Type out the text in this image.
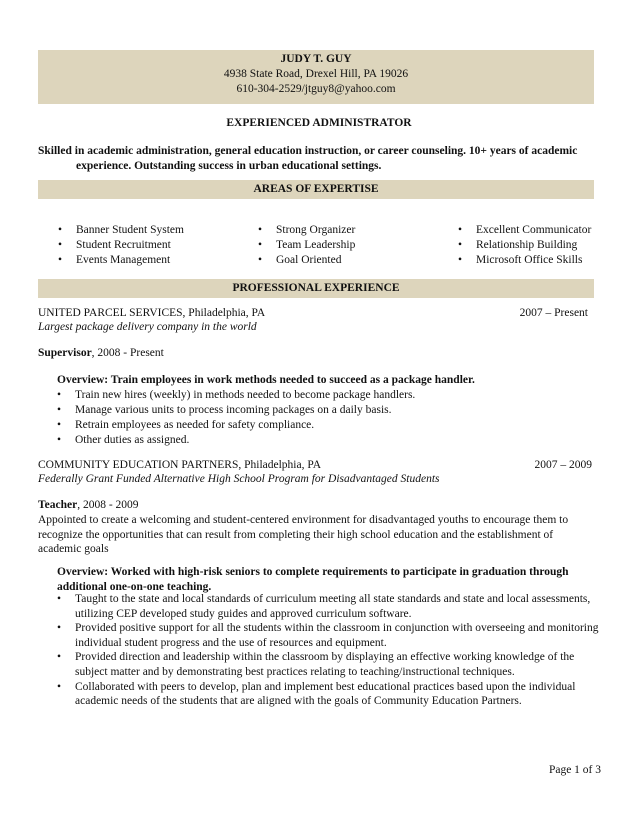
JUDY T. GUY
4938 State Road, Drexel Hill, PA 19026
610-304-2529/jtguy8@yahoo.com
EXPERIENCED ADMINISTRATOR
Skilled in academic administration, general education instruction, or career counseling. 10+ years of academic
experience. Outstanding success in urban educational settings.
AREAS OF EXPERTISE
• Banner Student System
• Student Recruitment
• Events Management
• Strong Organizer
• Team Leadership
• Goal Oriented
• Excellent Communicator
• Relationship Building
• Microsoft Office Skills
PROFESSIONAL EXPERIENCE
UNITED PARCEL SERVICES, Philadelphia, PA	2007 – Present
Largest package delivery company in the world
Supervisor, 2008 - Present
Overview: Train employees in work methods needed to succeed as a package handler.
• Train new hires (weekly) in methods needed to become package handlers.
• Manage various units to process incoming packages on a daily basis.
• Retrain employees as needed for safety compliance.
• Other duties as assigned.
COMMUNITY EDUCATION PARTNERS, Philadelphia, PA	2007 – 2009
Federally Grant Funded Alternative High School Program for Disadvantaged Students
Teacher, 2008 - 2009
Appointed to create a welcoming and student-centered environment for disadvantaged youths to encourage them to recognize the opportunities that can result from completing their high school education and the establishment of academic goals
Overview: Worked with high-risk seniors to complete requirements to participate in graduation through additional one-on-one teaching.
• Taught to the state and local standards of curriculum meeting all state standards and state and local assessments, utilizing CEP developed study guides and approved curriculum software.
• Provided positive support for all the students within the classroom in conjunction with overseeing and monitoring individual student progress and the use of resources and equipment.
• Provided direction and leadership within the classroom by displaying an effective working knowledge of the subject matter and by demonstrating best practices relating to teaching/instructional techniques.
• Collaborated with peers to develop, plan and implement best educational practices based upon the individual academic needs of the students that are aligned with the goals of Community Education Partners.
Page 1 of 3
